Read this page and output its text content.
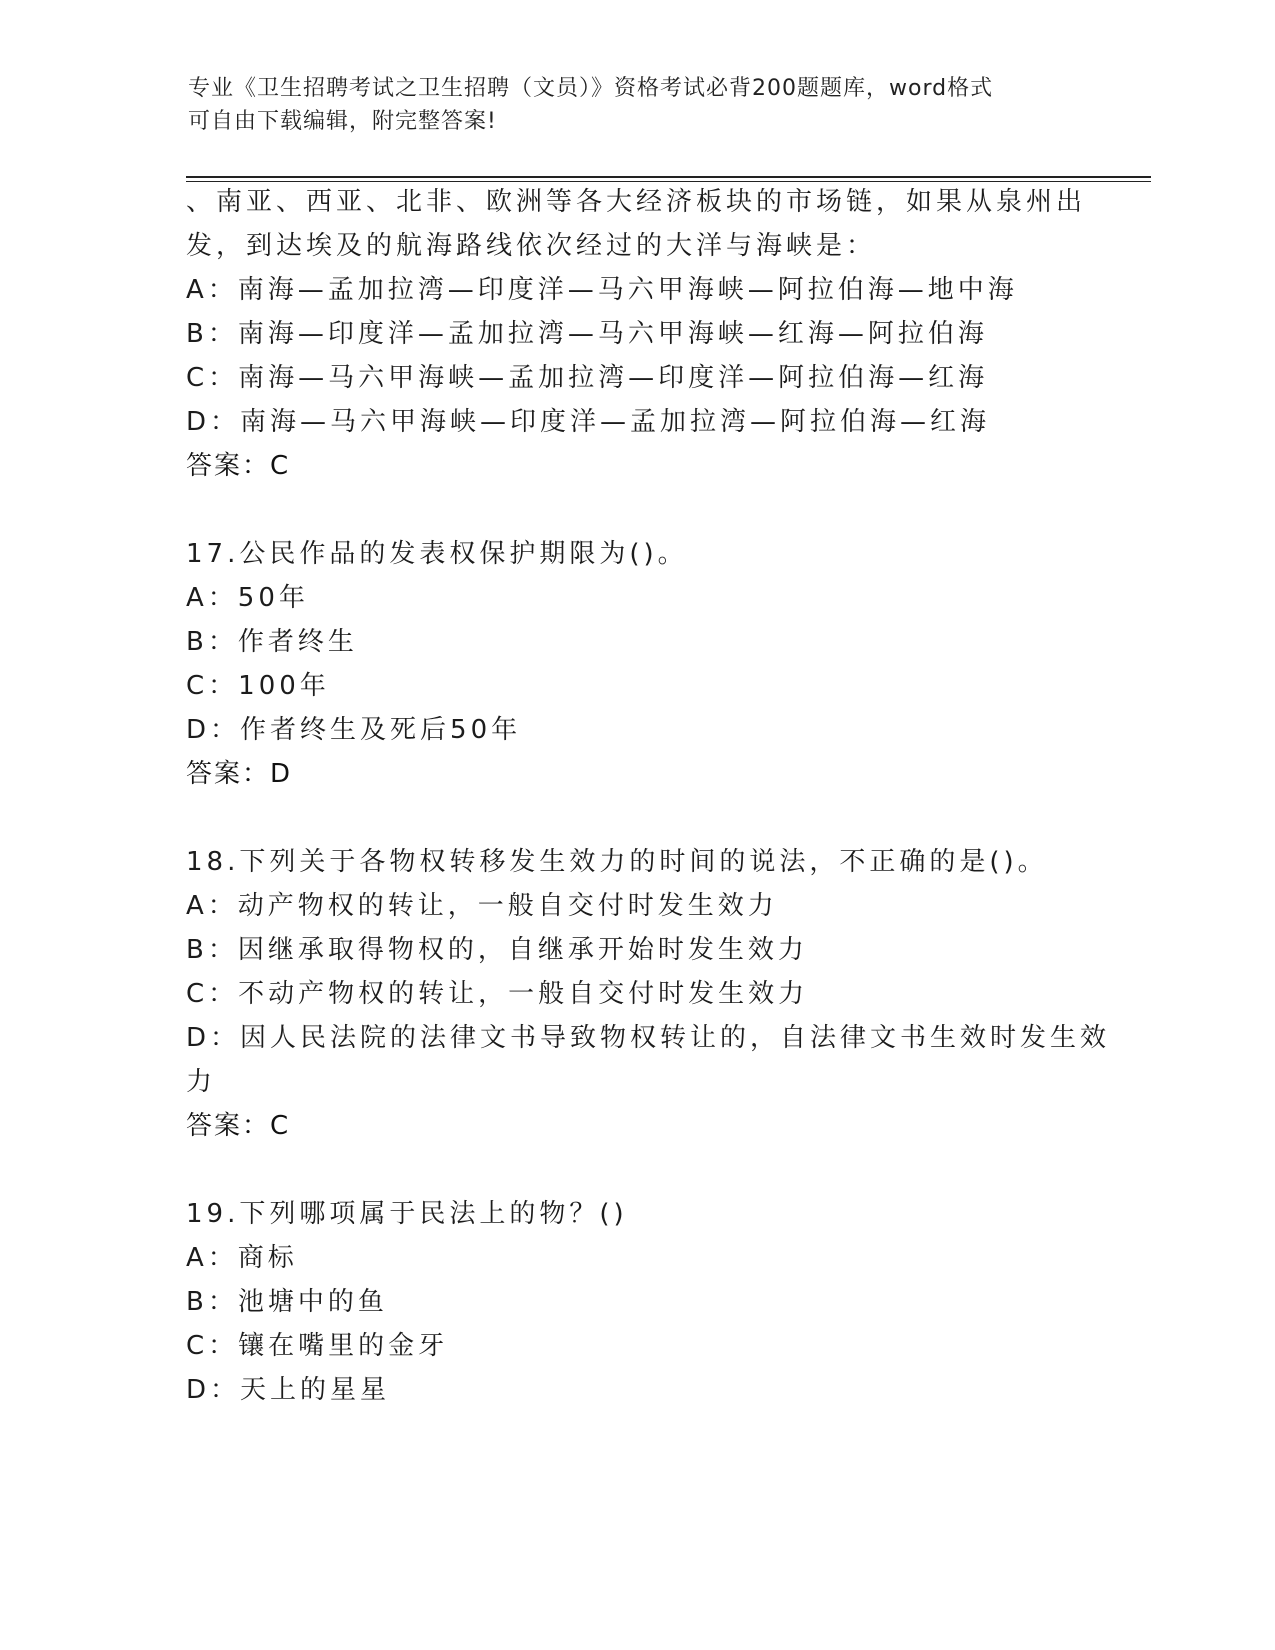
专业《卫生招聘考试之卫生招聘（文员）》资格考试必背200题题库，word格式
可自由下载编辑，附完整答案!
、南亚、西亚、北非、欧洲等各大经济板块的市场链，如果从泉州出
发，到达埃及的航海路线依次经过的大洋与海峡是：
A：南海—孟加拉湾—印度洋—马六甲海峡—阿拉伯海—地中海
B：南海—印度洋—孟加拉湾—马六甲海峡—红海—阿拉伯海
C：南海—马六甲海峡—孟加拉湾—印度洋—阿拉伯海—红海
D：南海—马六甲海峡—印度洋—孟加拉湾—阿拉伯海—红海
答案：C
17.公民作品的发表权保护期限为()。
A：50年
B：作者终生
C：100年
D：作者终生及死后50年
答案：D
18.下列关于各物权转移发生效力的时间的说法，不正确的是()。
A：动产物权的转让，一般自交付时发生效力
B：因继承取得物权的，自继承开始时发生效力
C：不动产物权的转让，一般自交付时发生效力
D：因人民法院的法律文书导致物权转让的，自法律文书生效时发生效
力
答案：C
19.下列哪项属于民法上的物？()
A：商标
B：池塘中的鱼
C：镶在嘴里的金牙
D：天上的星星
